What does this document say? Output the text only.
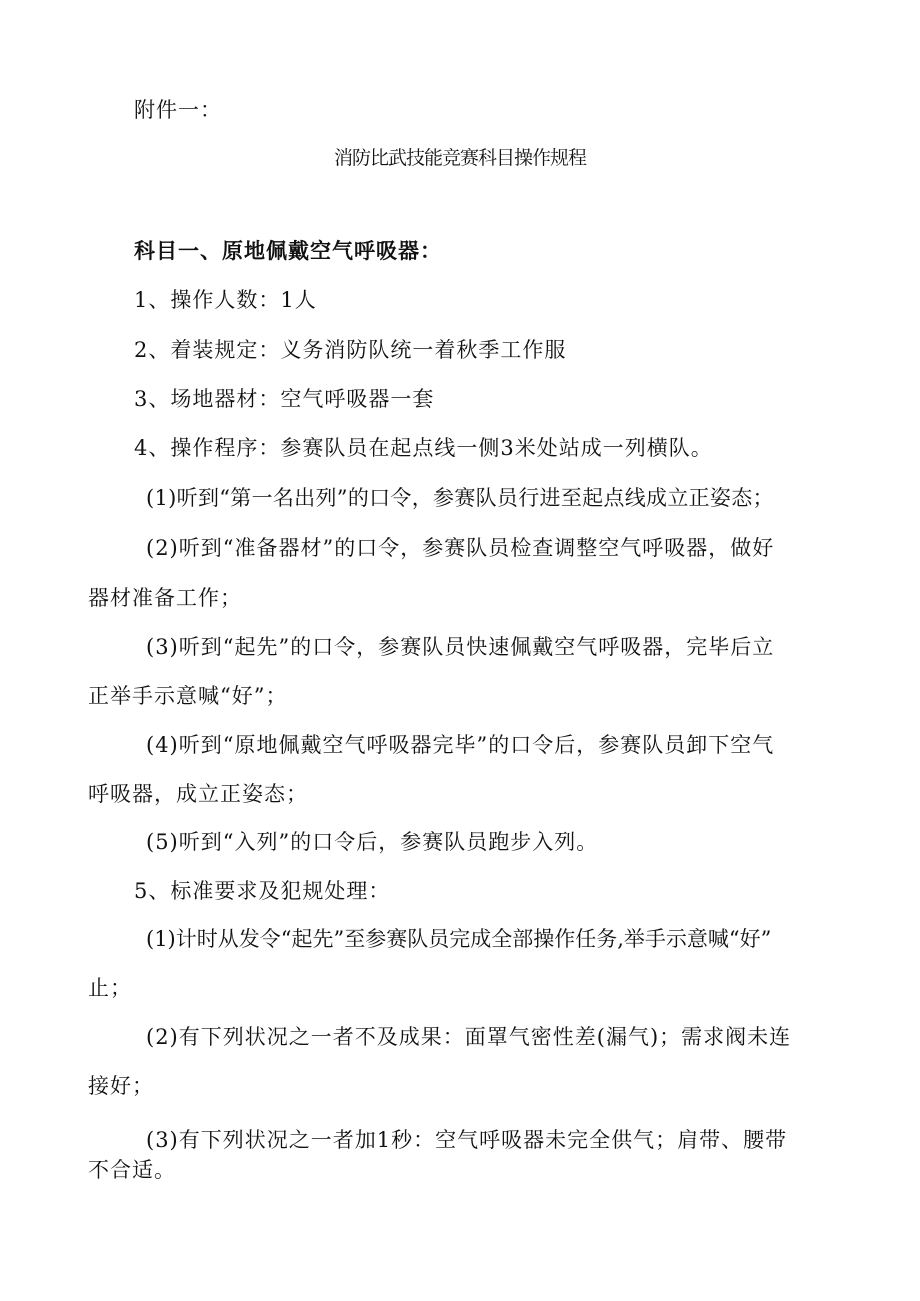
附件一：
消防比武技能竞赛科目操作规程
科目一、原地佩戴空气呼吸器：
1、操作人数：1人
2、着装规定：义务消防队统一着秋季工作服
3、场地器材：空气呼吸器一套
4、操作程序：参赛队员在起点线一侧3米处站成一列横队。
(1)听到“第一名出列”的口令，参赛队员行进至起点线成立正姿态；
(2)听到“准备器材”的口令，参赛队员检查调整空气呼吸器，做好
器材准备工作；
(3)听到“起先”的口令，参赛队员快速佩戴空气呼吸器，完毕后立
正举手示意喊“好”；
(4)听到“原地佩戴空气呼吸器完毕”的口令后，参赛队员卸下空气
呼吸器，成立正姿态；
(5)听到“入列”的口令后，参赛队员跑步入列。
5、标准要求及犯规处理：
(1)计时从发令“起先”至参赛队员完成全部操作任务,举手示意喊“好”
止；
(2)有下列状况之一者不及成果：面罩气密性差(漏气)；需求阀未连
接好；
(3)有下列状况之一者加1秒：空气呼吸器未完全供气；肩带、腰带
不合适。
